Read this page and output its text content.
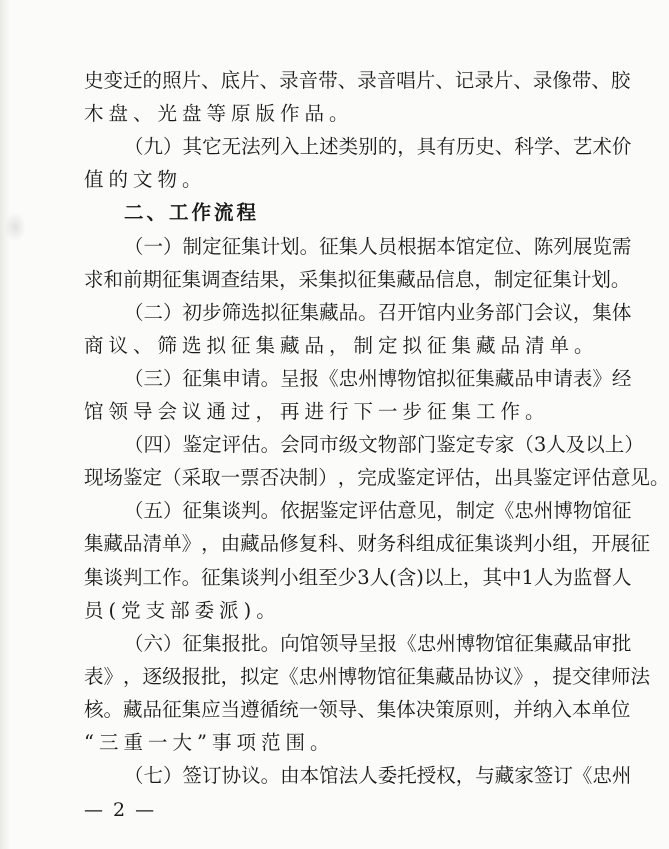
史 变 迁 的 照 片 、 底 片 、 录 音 带 、 录 音 唱 片 、 记 录 片 、 录 像 带 、 胶
木盘、光盘等原版作品。
（ 九 ） 其 它 无 法 列 入 上 述 类 别 的 ， 具 有 历 史 、 科 学 、 艺 术 价
值的文物。
二、工作流程
（ 一 ） 制 定 征 集 计 划 。 征 集 人 员 根 据 本 馆 定 位 、 陈 列 展 览 需
求 和 前 期 征 集 调 查 结 果 ， 采 集 拟 征 集 藏 品 信 息 ， 制 定 征 集 计 划 。
（ 二 ） 初 步 筛 选 拟 征 集 藏 品 。 召 开 馆 内 业 务 部 门 会 议 ， 集 体
商议、筛选拟征集藏品，制定拟征集藏品清单。
（ 三 ） 征 集 申 请 。 呈 报 《 忠 州 博 物 馆 拟 征 集 藏 品 申 请 表 》 经
馆领导会议通过，再进行下一步征集工作。
（ 四 ） 鉴 定 评 估 。 会 同 市 级 文 物 部 门 鉴 定 专 家 （ 3 人 及 以 上 ）
现 场 鉴 定 （ 采 取 一 票 否 决 制 ） ， 完 成 鉴 定 评 估 ， 出 具 鉴 定 评 估 意 见 。
（ 五 ） 征 集 谈 判 。 依 据 鉴 定 评 估 意 见 ， 制 定 《 忠 州 博 物 馆 征
集 藏 品 清 单 》 ， 由 藏 品 修 复 科 、 财 务 科 组 成 征 集 谈 判 小 组 ， 开 展 征
集 谈 判 工 作 。 征 集 谈 判 小 组 至 少 3 人 ( 含 ) 以 上 ， 其 中 1 人 为 监 督 人
员(党支部委派)。
（ 六 ） 征 集 报 批 。 向 馆 领 导 呈 报 《 忠 州 博 物 馆 征 集 藏 品 审 批
表 》 ， 逐 级 报 批 ， 拟 定 《 忠 州 博 物 馆 征 集 藏 品 协 议 》 ， 提 交 律 师 法
核 。 藏 品 征 集 应 当 遵 循 统 一 领 导 、 集 体 决 策 原 则 ， 并 纳 入 本 单 位
“三重一大”事项范围。
（ 七 ） 签 订 协 议 。 由 本 馆 法 人 委 托 授 权 ， 与 藏 家 签 订 《 忠 州
— 2 —
